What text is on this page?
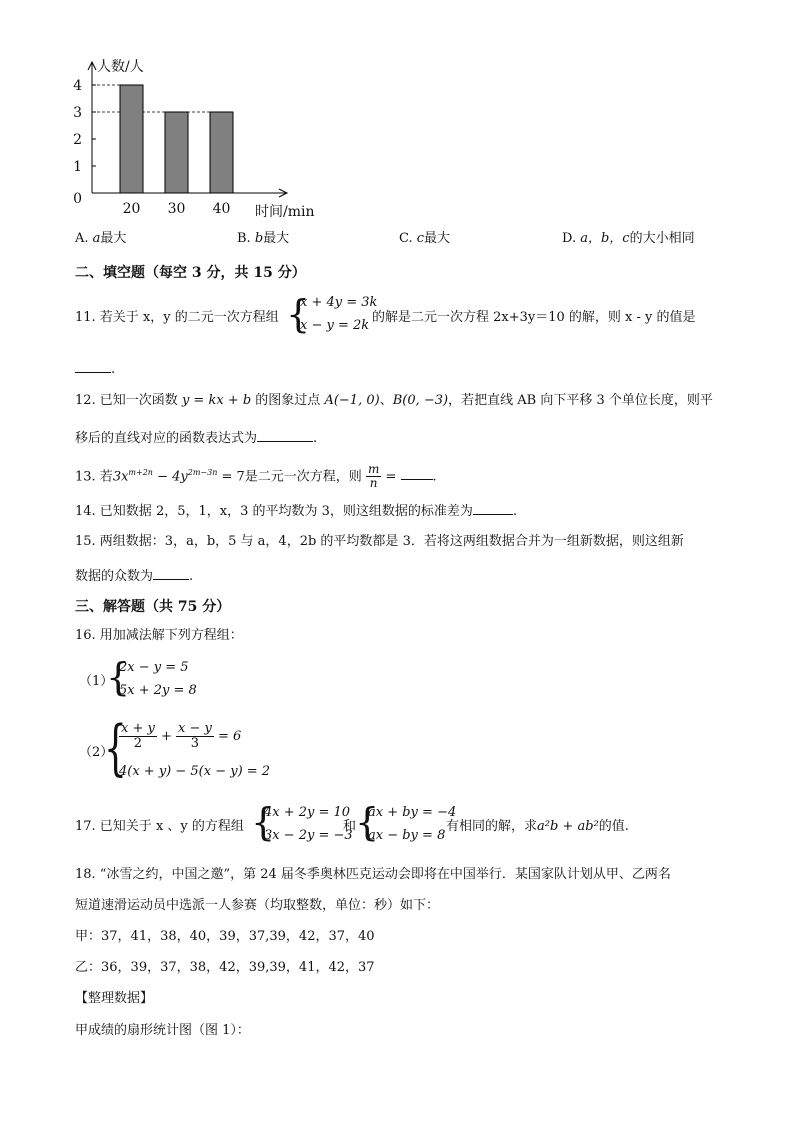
0
1
2
3
4
20 30 40
人数/人
时间/min
A. a最大	B. b最大	C. c最大	D. a，b，c的大小相同
二、填空题（每空 3 分，共 15 分）
11. 若关于 x，y 的二元一次方程组 {
x + 4y = 3k
x − y = 2k
的解是二元一次方程 2x+3y＝10 的解，则 x - y 的值是
.
12. 已知一次函数 y = kx + b 的图象过点 A(−1, 0)、B(0, −3)，若把直线 AB 向下平移 3 个单位长度，则平
移后的直线对应的函数表达式为	.
13. 若$3x^{m+2n} - 4y^{2m-3n} = 7$是二元一次方程，则 $\frac{m}{n}$ = .
14. 已知数据 2，5，1，x，3 的平均数为 3，则这组数据的标准差为	.
15. 两组数据：3，a，b，5 与 a，4，2b 的平均数都是 3．若将这两组数据合并为一组新数据，则这组新
数据的众数为	.
三、解答题（共 75 分）
16. 用加减法解下列方程组：
（1）
{
2x − y = 5
5x + 2y = 8
（2）
{
$\frac{x + y}{2} + \frac{x - y}{3} = 6$
4(x + y) − 5(x − y) = 2
17. 已知关于 x 、y 的方程组 {
4x + 2y = 10
3x − 2y = −3
和
{
ax + by = −4
ax − by = 8
有相同的解，求a²b + ab²的值.
18. “冰雪之约，中国之邀”，第 24 届冬季奥林匹克运动会即将在中国举行．某国家队计划从甲、乙两名
短道速滑运动员中选派一人参赛（均取整数，单位：秒）如下：
甲：37，41，38，40，39，37,39，42，37，40
乙：36，39，37，38，42，39,39，41，42，37
【整理数据】
甲成绩的扇形统计图（图 1）：
